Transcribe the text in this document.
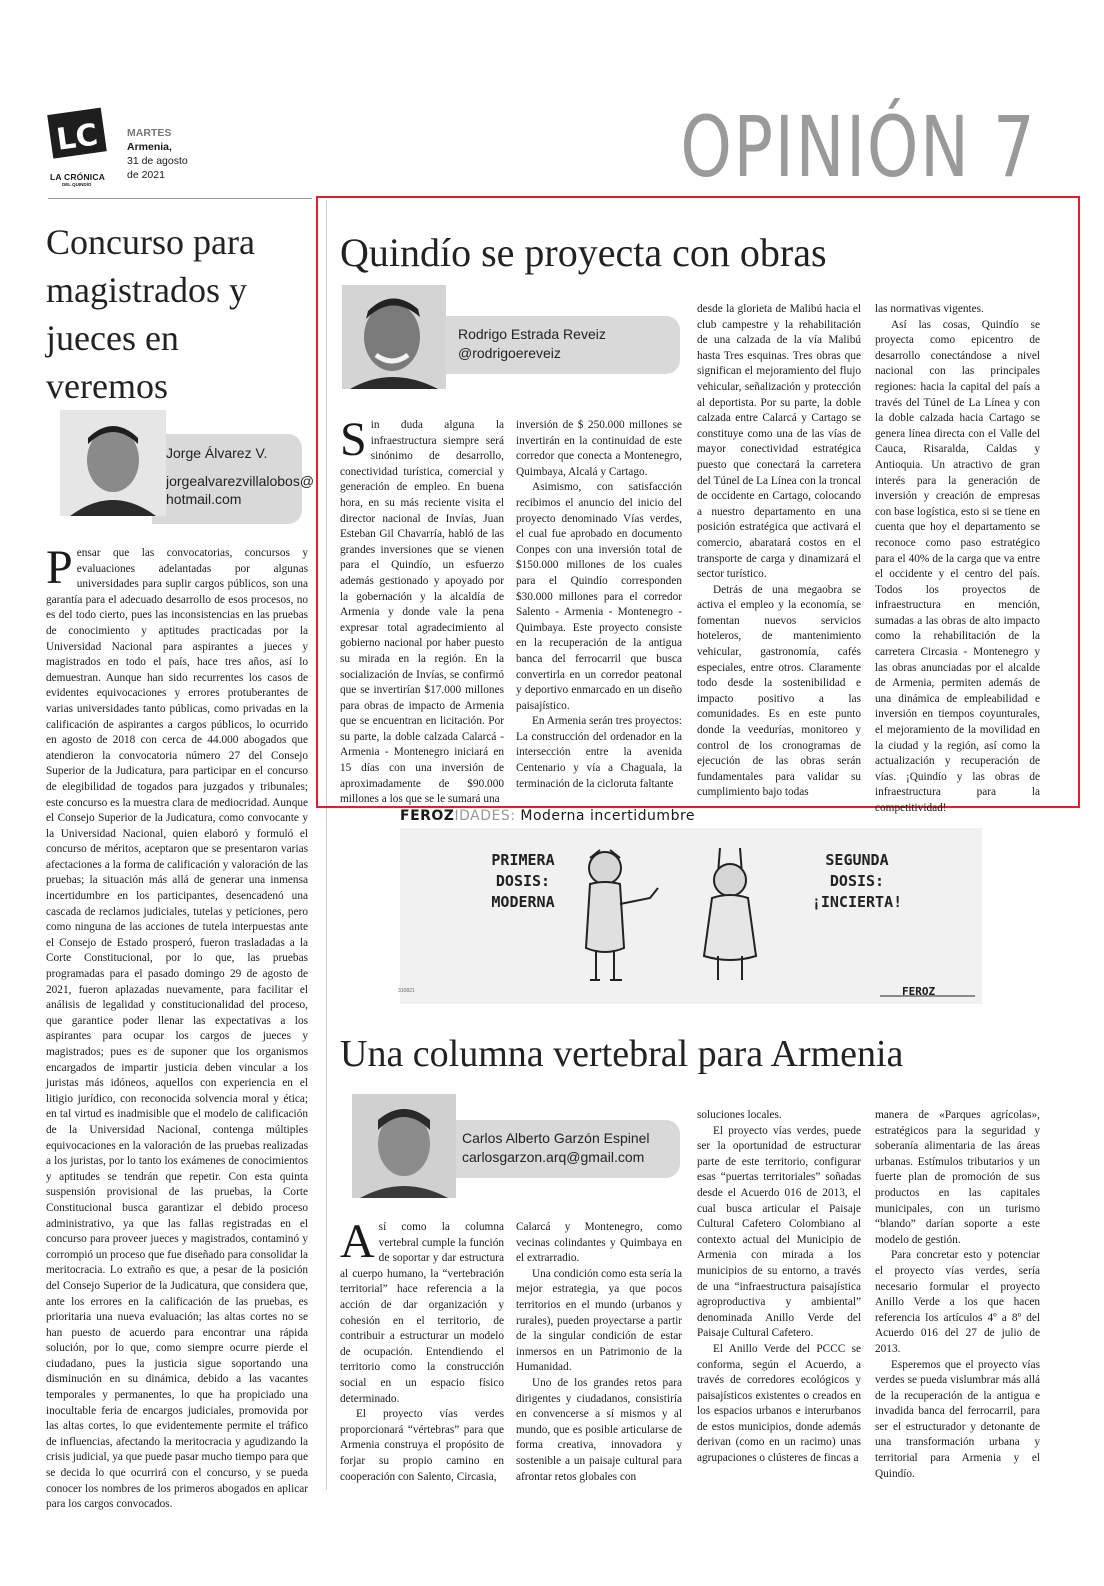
LC
LA CRÓNICA
DEL QUINDÍO
MARTES
Armenia,
31 de agosto
de 2021	OPINIÓN 7
Concurso para magistrados y jueces en veremos
Jorge Álvarez V.
jorgealvarezvillalobos@ hotmail.com
Pensar que las convocatorias, concursos y evaluaciones adelantadas por algunas universidades para suplir cargos públicos, son una garantía para el adecuado desarrollo de esos procesos, no es del todo cierto, pues las inconsistencias en las pruebas de conocimiento y aptitudes practicadas por la Universidad Nacional para aspirantes a jueces y magistrados en todo el país, hace tres años, así lo demuestran. Aunque han sido recurrentes los casos de evidentes equivocaciones y errores protuberantes de varias universidades tanto públicas, como privadas en la calificación de aspirantes a cargos públicos, lo ocurrido en agosto de 2018 con cerca de 44.000 abogados que atendieron la convocatoria número 27 del Consejo Superior de la Judicatura, para participar en el concurso de elegibilidad de togados para juzgados y tribunales; este concurso es la muestra clara de mediocridad. Aunque el Consejo Superior de la Judicatura, como convocante y la Universidad Nacional, quien elaboró y formuló el concurso de méritos, aceptaron que se presentaron varias afectaciones a la forma de calificación y valoración de las pruebas; la situación más allá de generar una inmensa incertidumbre en los participantes, desencadenó una cascada de reclamos judiciales, tutelas y peticiones, pero como ninguna de las acciones de tutela interpuestas ante el Consejo de Estado prosperó, fueron trasladadas a la Corte Constitucional, por lo que, las pruebas programadas para el pasado domingo 29 de agosto de 2021, fueron aplazadas nuevamente, para facilitar el análisis de legalidad y constitucionalidad del proceso, que garantice poder llenar las expectativas a los aspirantes para ocupar los cargos de jueces y magistrados; pues es de suponer que los organismos encargados de impartir justicia deben vincular a los juristas más idóneos, aquellos con experiencia en el litigio jurídico, con reconocida solvencia moral y ética; en tal virtud es inadmisible que el modelo de calificación de la Universidad Nacional, contenga múltiples equivocaciones en la valoración de las pruebas realizadas a los juristas, por lo tanto los exámenes de conocimientos y aptitudes se tendrán que repetir. Con esta quinta suspensión provisional de las pruebas, la Corte Constitucional busca garantizar el debido proceso administrativo, ya que las fallas registradas en el concurso para proveer jueces y magistrados, contaminó y corrompió un proceso que fue diseñado para consolidar la meritocracia. Lo extraño es que, a pesar de la posición del Consejo Superior de la Judicatura, que considera que, ante los errores en la calificación de las pruebas, es prioritaria una nueva evaluación; las altas cortes no se han puesto de acuerdo para encontrar una rápida solución, por lo que, como siempre ocurre pierde el ciudadano, pues la justicia sigue soportando una disminución en su dinámica, debido a las vacantes temporales y permanentes, lo que ha propiciado una inocultable feria de encargos judiciales, promovida por las altas cortes, lo que evidentemente permite el tráfico de influencias, afectando la meritocracia y agudizando la crisis judicial, ya que puede pasar mucho tiempo para que se decida lo que ocurrirá con el concurso, y se pueda conocer los nombres de los primeros abogados en aplicar para los cargos convocados.
Quindío se proyecta con obras
Rodrigo Estrada Reveiz
@rodrigoereveiz

Sin duda alguna la infraestructura siempre será sinónimo de desarrollo, conectividad turística, comercial y generación de empleo. En buena hora, en su más reciente visita el director nacional de Invías, Juan Esteban Gil Chavarría, habló de las grandes inversiones que se vienen para el Quindío, un esfuerzo además gestionado y apoyado por la gobernación y la alcaldía de Armenia y donde vale la pena expresar total agradecimiento al gobierno nacional por haber puesto su mirada en la región. En la socialización de Invías, se confirmó que se invertirían $17.000 millones para obras de impacto de Armenia que se encuentran en licitación. Por su parte, la doble calzada Calarcá - Armenia - Montenegro iniciará en 15 días con una inversión de aproximadamente de $90.000 millones a los que se le sumará una

inversión de $ 250.000 millones se invertirán en la continuidad de este corredor que conecta a Montenegro, Quimbaya, Alcalá y Cartago.

Asimismo, con satisfacción recibimos el anuncio del inicio del proyecto denominado Vías verdes, el cual fue aprobado en documento Conpes con una inversión total de $150.000 millones de los cuales para el Quindío corresponden $30.000 millones para el corredor Salento - Armenia - Montenegro - Quimbaya. Este proyecto consiste en la recuperación de la antigua banca del ferrocarril que busca convertirla en un corredor peatonal y deportivo enmarcado en un diseño paisajístico.

En Armenia serán tres proyectos: La construcción del ordenador en la intersección entre la avenida Centenario y vía a Chaguala, la terminación de la cicloruta faltante

desde la glorieta de Malibú hacia el club campestre y la rehabilitación de una calzada de la vía Malibú hasta Tres esquinas. Tres obras que significan el mejoramiento del flujo vehicular, señalización y protección al deportista. Por su parte, la doble calzada entre Calarcá y Cartago se constituye como una de las vías de mayor conectividad estratégica puesto que conectará la carretera del Túnel de La Línea con la troncal de occidente en Cartago, colocando a nuestro departamento en una posición estratégica que activará el comercio, abaratará costos en el transporte de carga y dinamizará el sector turístico.

Detrás de una megaobra se activa el empleo y la economía, se fomentan nuevos servicios hoteleros, de mantenimiento vehicular, gastronomía, cafés especiales, entre otros. Claramente todo desde la sostenibilidad e impacto positivo a las comunidades. Es en este punto donde la veedurías, monitoreo y control de los cronogramas de ejecución de las obras serán fundamentales para validar su cumplimiento bajo todas

las normativas vigentes.

Así las cosas, Quindío se proyecta como epicentro de desarrollo conectándose a nivel nacional con las principales regiones: hacia la capital del país a través del Túnel de La Línea y con la doble calzada hacia Cartago se genera línea directa con el Valle del Cauca, Risaralda, Caldas y Antioquia. Un atractivo de gran interés para la generación de inversión y creación de empresas con base logística, esto si se tiene en cuenta que hoy el departamento se reconoce como paso estratégico para el 40% de la carga que va entre el occidente y el centro del país. Todos los proyectos de infraestructura en mención, sumadas a las obras de alto impacto como la rehabilitación de la carretera Circasia - Montenegro y las obras anunciadas por el alcalde de Armenia, permiten además de una dinámica de empleabilidad e inversión en tiempos coyunturales, el mejoramiento de la movilidad en la ciudad y la región, así como la actualización y recuperación de vías. ¡Quindío y las obras de infraestructura para la competitividad!

FEROZIDADES: Moderna incertidumbre
PRIMERA DOSIS: MODERNA
SEGUNDA DOSIS: ¡INCIERTA!
FEROZ
310821
Una columna vertebral para Armenia
Carlos Alberto Garzón Espinel
carlosgarzon.arq@gmail.com

Así como la columna vertebral cumple la función de soportar y dar estructura al cuerpo humano, la “vertebración territorial” hace referencia a la acción de dar organización y cohesión en el territorio, de contribuir a estructurar un modelo de ocupación. Entendiendo el territorio como la construcción social en un espacio físico determinado.

El proyecto vías verdes proporcionará “vértebras” para que Armenia construya el propósito de forjar su propio camino en cooperación con Salento, Circasia,

Calarcá y Montenegro, como vecinas colindantes y Quimbaya en el extrarradio.

Una condición como esta sería la mejor estrategia, ya que pocos territorios en el mundo (urbanos y rurales), pueden proyectarse a partir de la singular condición de estar inmersos en un Patrimonio de la Humanidad.

Uno de los grandes retos para dirigentes y ciudadanos, consistiría en convencerse a sí mismos y al mundo, que es posible articularse de forma creativa, innovadora y sostenible a un paisaje cultural para afrontar retos globales con

soluciones locales.

El proyecto vías verdes, puede ser la oportunidad de estructurar parte de este territorio, configurar esas “puertas territoriales” soñadas desde el Acuerdo 016 de 2013, el cual busca articular el Paisaje Cultural Cafetero Colombiano al contexto actual del Municipio de Armenia con mirada a los municipios de su entorno, a través de una “infraestructura paisajística agroproductiva y ambiental” denominada Anillo Verde del Paisaje Cultural Cafetero.

El Anillo Verde del PCCC se conforma, según el Acuerdo, a través de corredores ecológicos y paisajísticos existentes o creados en los espacios urbanos e interurbanos de estos municipios, donde además derivan (como en un racimo) unas agrupaciones o clústeres de fincas a

manera de «Parques agrícolas», estratégicos para la seguridad y soberanía alimentaria de las áreas urbanas. Estímulos tributarios y un fuerte plan de promoción de sus productos en las capitales municipales, con un turismo “blando” darían soporte a este modelo de gestión.

Para concretar esto y potenciar el proyecto vías verdes, sería necesario formular el proyecto Anillo Verde a los que hacen referencia los artículos 4º a 8º del Acuerdo 016 del 27 de julio de 2013.

Esperemos que el proyecto vías verdes se pueda vislumbrar más allá de la recuperación de la antigua e invadida banca del ferrocarril, para ser el estructurador y detonante de una transformación urbana y territorial para Armenia y el Quindío.
